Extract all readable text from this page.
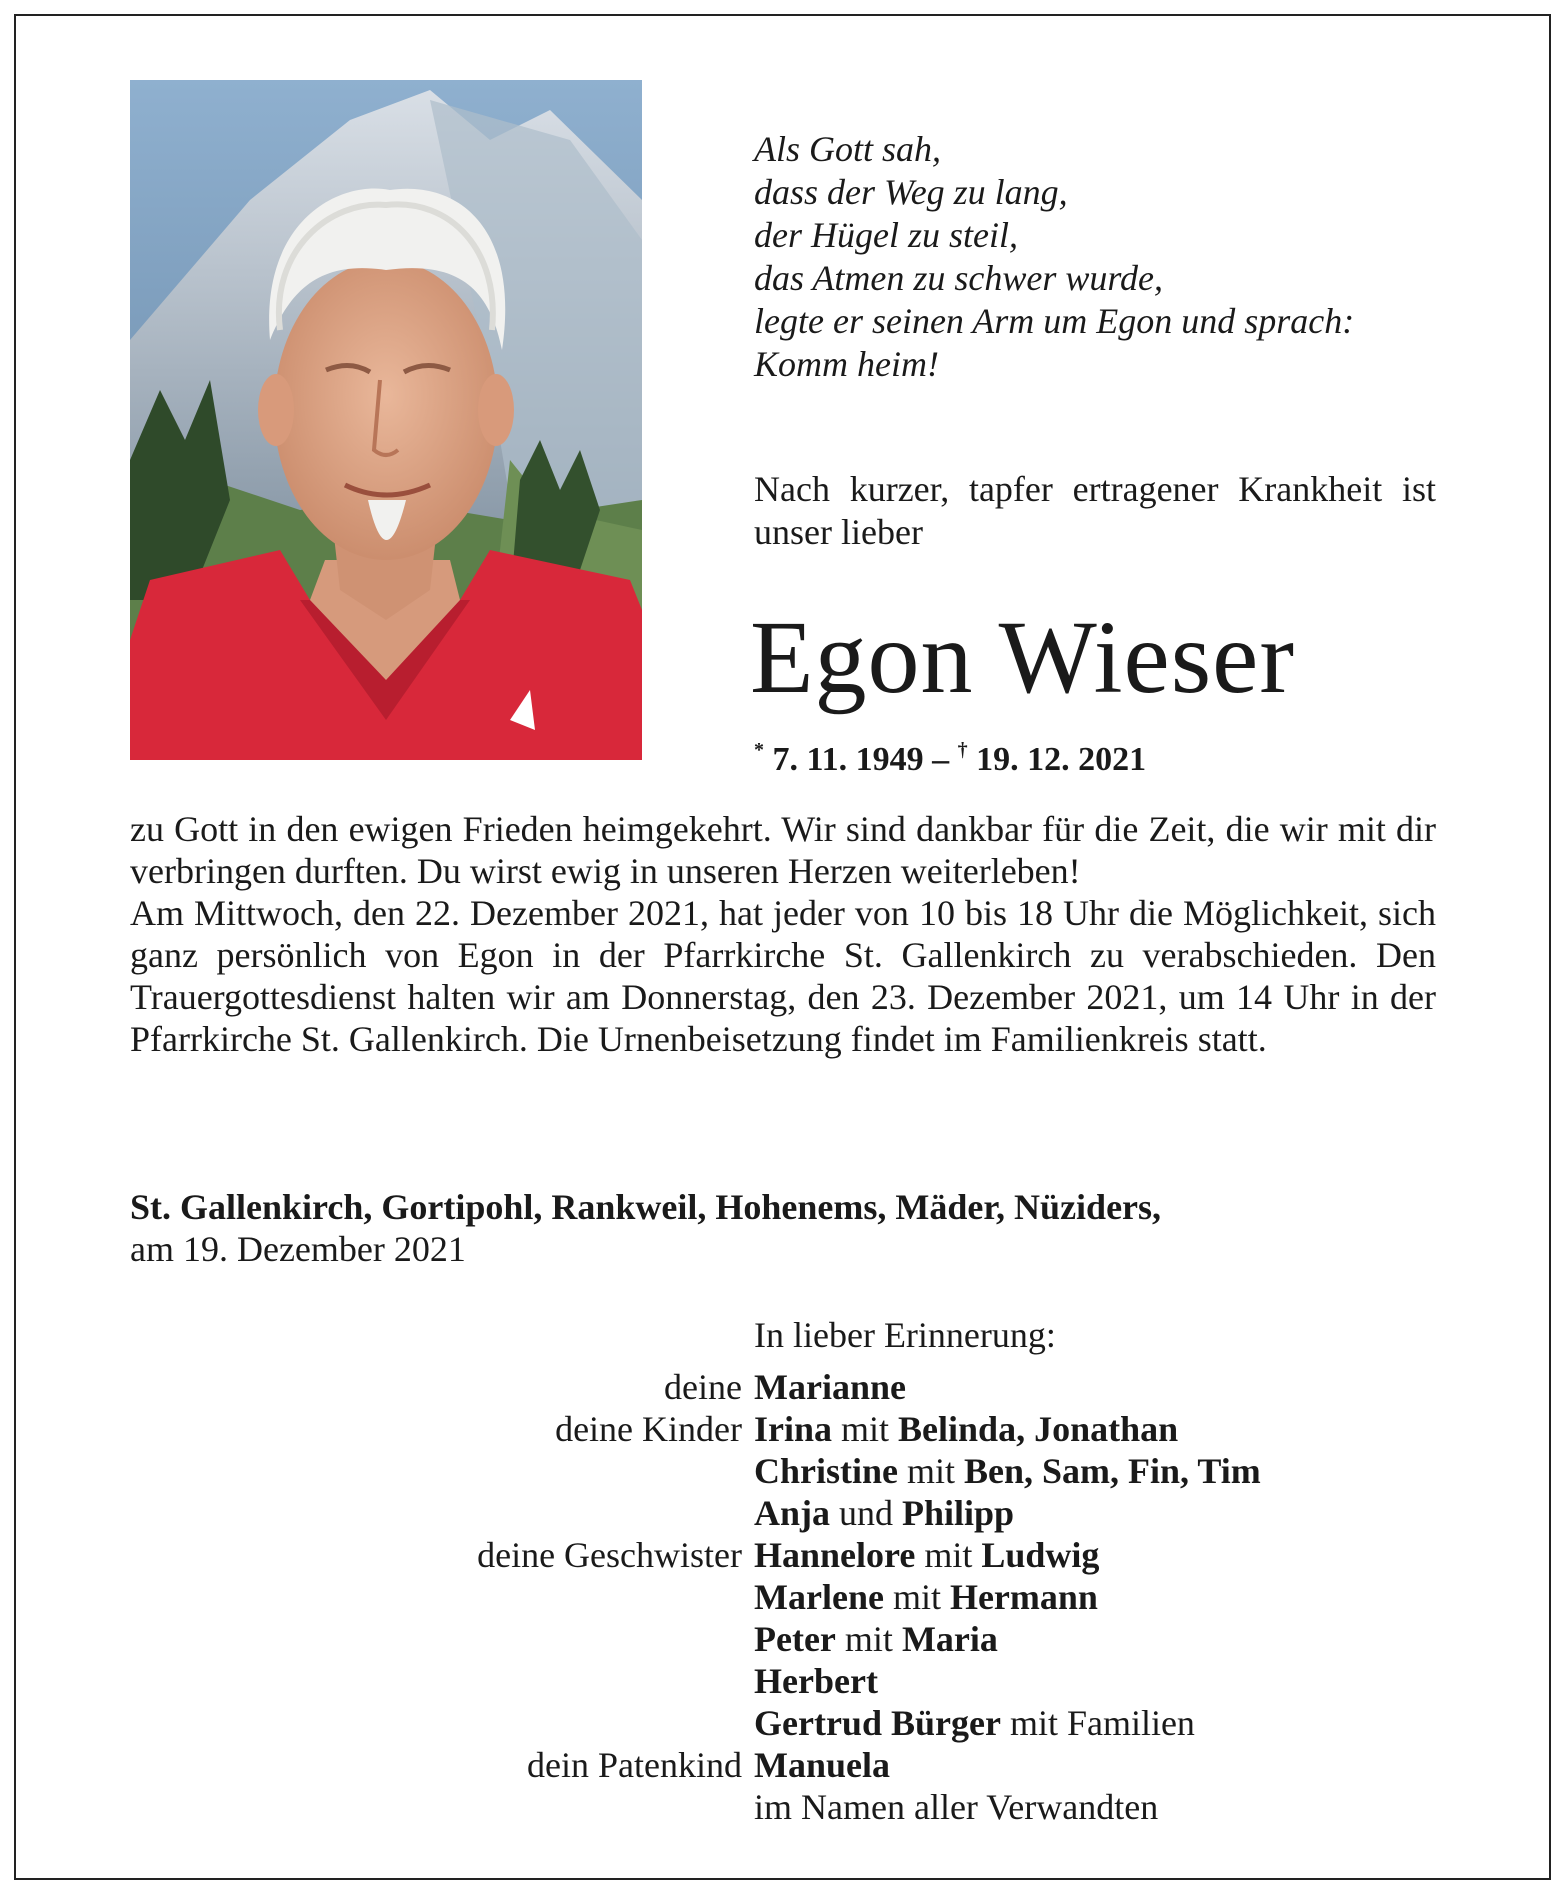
Als Gott sah,
dass der Weg zu lang,
der Hügel zu steil,
das Atmen zu schwer wurde,
legte er seinen Arm um Egon und sprach:
Komm heim!
Nach kurzer, tapfer ertragener Krankheit ist unser lieber
Egon Wieser
* 7. 11. 1949 – † 19. 12. 2021

zu Gott in den ewigen Frieden heimgekehrt. Wir sind dankbar für die Zeit, die wir mit dir verbringen durften. Du wirst ewig in unseren Herzen weiterleben!

Am Mittwoch, den 22. Dezember 2021, hat jeder von 10 bis 18 Uhr die Möglichkeit, sich ganz persönlich von Egon in der Pfarrkirche St. Gallenkirch zu verabschieden. Den Trauergottesdienst halten wir am Donnerstag, den 23. Dezember 2021, um 14 Uhr in der Pfarrkirche St. Gallenkirch. Die Urnenbeisetzung findet im Familienkreis statt.

St. Gallenkirch, Gortipohl, Rankweil, Hohenems, Mäder, Nüziders,
am 19. Dezember 2021
In lieber Erinnerung:
deine Marianne
deine Kinder Irina mit Belinda, Jonathan
Christine mit Ben, Sam, Fin, Tim
Anja und Philipp
deine Geschwister Hannelore mit Ludwig
Marlene mit Hermann
Peter mit Maria
Herbert
Gertrud Bürger mit Familien
dein Patenkind Manuela
im Namen aller Verwandten
